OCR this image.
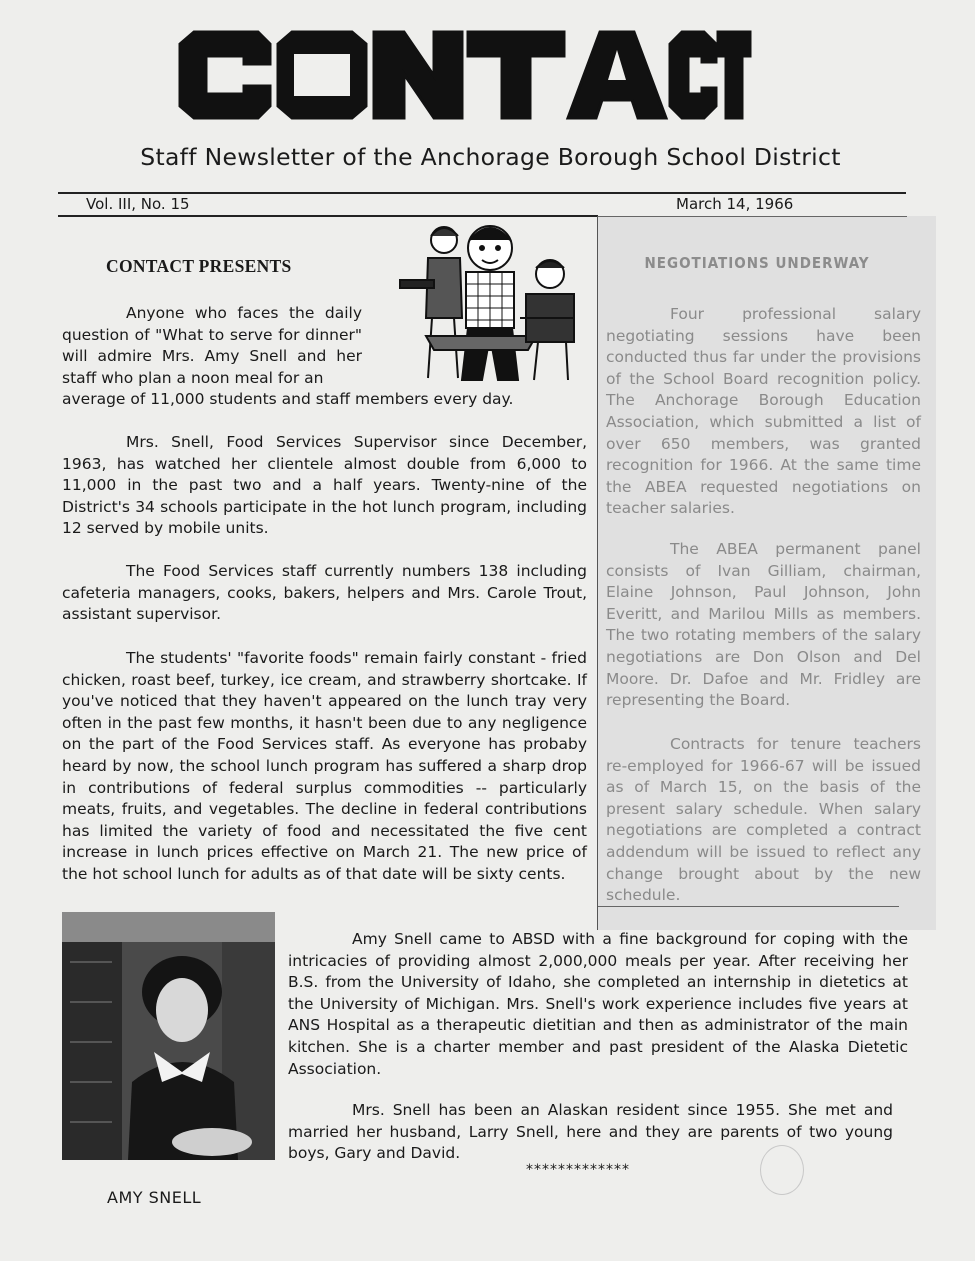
Staff Newsletter of the Anchorage Borough School District
Vol. III, No. 15	March 14, 1966
NEGOTIATIONS UNDERWAY

Four professional salary negotiating sessions have been conducted thus far under the provisions of the School Board recognition policy. The Anchorage Borough Education Association, which submitted a list of over 650 members, was granted recognition for 1966. At the same time the ABEA requested negotiations on teacher salaries.

The ABEA permanent panel consists of Ivan Gilliam, chairman, Elaine Johnson, Paul Johnson, John Everitt, and Marilou Mills as members. The two rotating members of the salary negotiations are Don Olson and Del Moore. Dr. Dafoe and Mr. Fridley are representing the Board.

Contracts for tenure teachers re-employed for 1966-67 will be issued as of March 15, on the basis of the present salary schedule. When salary negotiations are completed a contract addendum will be issued to reflect any change brought about by the new schedule.

CONTACT PRESENTS

Anyone who faces the daily question of "What to serve for dinner" will admire Mrs. Amy Snell and her staff who plan a noon meal for an

average of 11,000 students and staff members every day.

Mrs. Snell, Food Services Supervisor since December, 1963, has watched her clientele almost double from 6,000 to 11,000 in the past two and a half years. Twenty-nine of the District's 34 schools participate in the hot lunch program, including 12 served by mobile units.

The Food Services staff currently numbers 138 including cafeteria managers, cooks, bakers, helpers and Mrs. Carole Trout, assistant supervisor.

The students' "favorite foods" remain fairly constant - fried chicken, roast beef, turkey, ice cream, and strawberry shortcake. If you've noticed that they haven't appeared on the lunch tray very often in the past few months, it hasn't been due to any negligence on the part of the Food Services staff. As everyone has probaby heard by now, the school lunch program has suffered a sharp drop in contributions of federal surplus commodities -- particularly meats, fruits, and vegetables. The decline in federal contributions has limited the variety of food and necessitated the five cent increase in lunch prices effective on March 21. The new price of the hot school lunch for adults as of that date will be sixty cents.

AMY SNELL

Amy Snell came to ABSD with a fine background for coping with the intricacies of providing almost 2,000,000 meals per year. After receiving her B.S. from the University of Idaho, she completed an internship in dietetics at the University of Michigan. Mrs. Snell's work experience includes five years at ANS Hospital as a therapeutic dietitian and then as administrator of the main kitchen. She is a charter member and past president of the Alaska Dietetic Association.

Mrs. Snell has been an Alaskan resident since 1955. She met and married her husband, Larry Snell, here and they are parents of two young boys, Gary and David.

*************
